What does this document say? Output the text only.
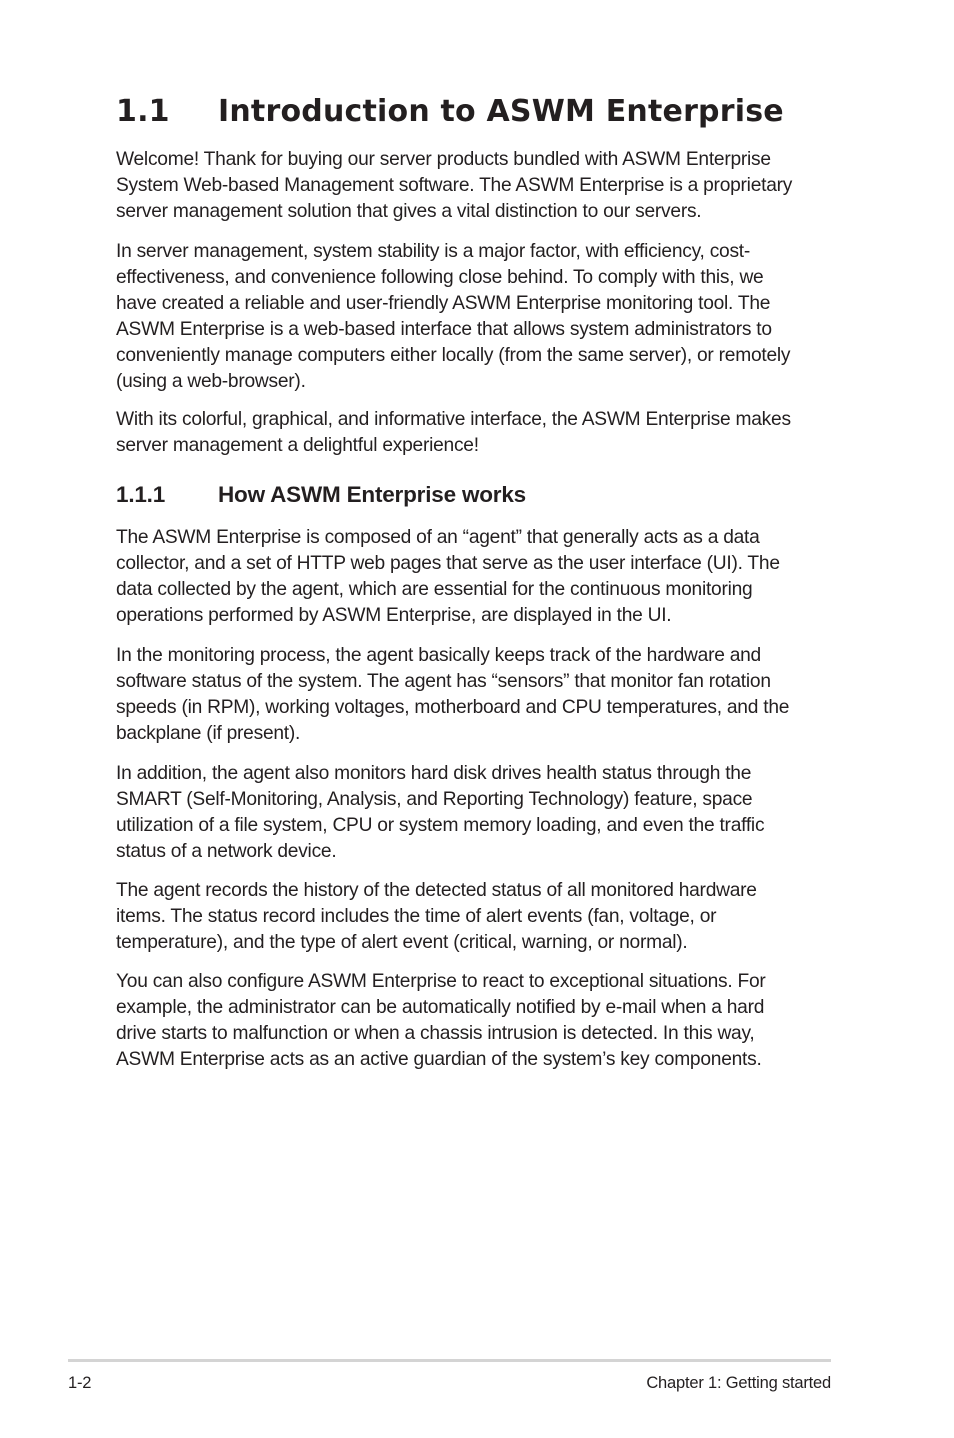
1.1 Introduction to ASWM Enterprise

Welcome! Thank for buying our server products bundled with ASWM Enterprise
System Web-based Management software. The ASWM Enterprise is a proprietary
server management solution that gives a vital distinction to our servers.

In server management, system stability is a major factor, with efficiency, cost-
effectiveness, and convenience following close behind. To comply with this, we
have created a reliable and user-friendly ASWM Enterprise monitoring tool. The
ASWM Enterprise is a web-based interface that allows system administrators to
conveniently manage computers either locally (from the same server), or remotely
(using a web-browser).

With its colorful, graphical, and informative interface, the ASWM Enterprise makes
server management a delightful experience!

1.1.1 How ASWM Enterprise works

The ASWM Enterprise is composed of an “agent” that generally acts as a data
collector, and a set of HTTP web pages that serve as the user interface (UI). The
data collected by the agent, which are essential for the continuous monitoring
operations performed by ASWM Enterprise, are displayed in the UI.

In the monitoring process, the agent basically keeps track of the hardware and
software status of the system. The agent has “sensors” that monitor fan rotation
speeds (in RPM), working voltages, motherboard and CPU temperatures, and the
backplane (if present).

In addition, the agent also monitors hard disk drives health status through the
SMART (Self-Monitoring, Analysis, and Reporting Technology) feature, space
utilization of a file system, CPU or system memory loading, and even the traffic
status of a network device.

The agent records the history of the detected status of all monitored hardware
items. The status record includes the time of alert events (fan, voltage, or
temperature), and the type of alert event (critical, warning, or normal).

You can also configure ASWM Enterprise to react to exceptional situations. For
example, the administrator can be automatically notified by e-mail when a hard
drive starts to malfunction or when a chassis intrusion is detected. In this way,
ASWM Enterprise acts as an active guardian of the system’s key components.

1-2	Chapter 1: Getting started
